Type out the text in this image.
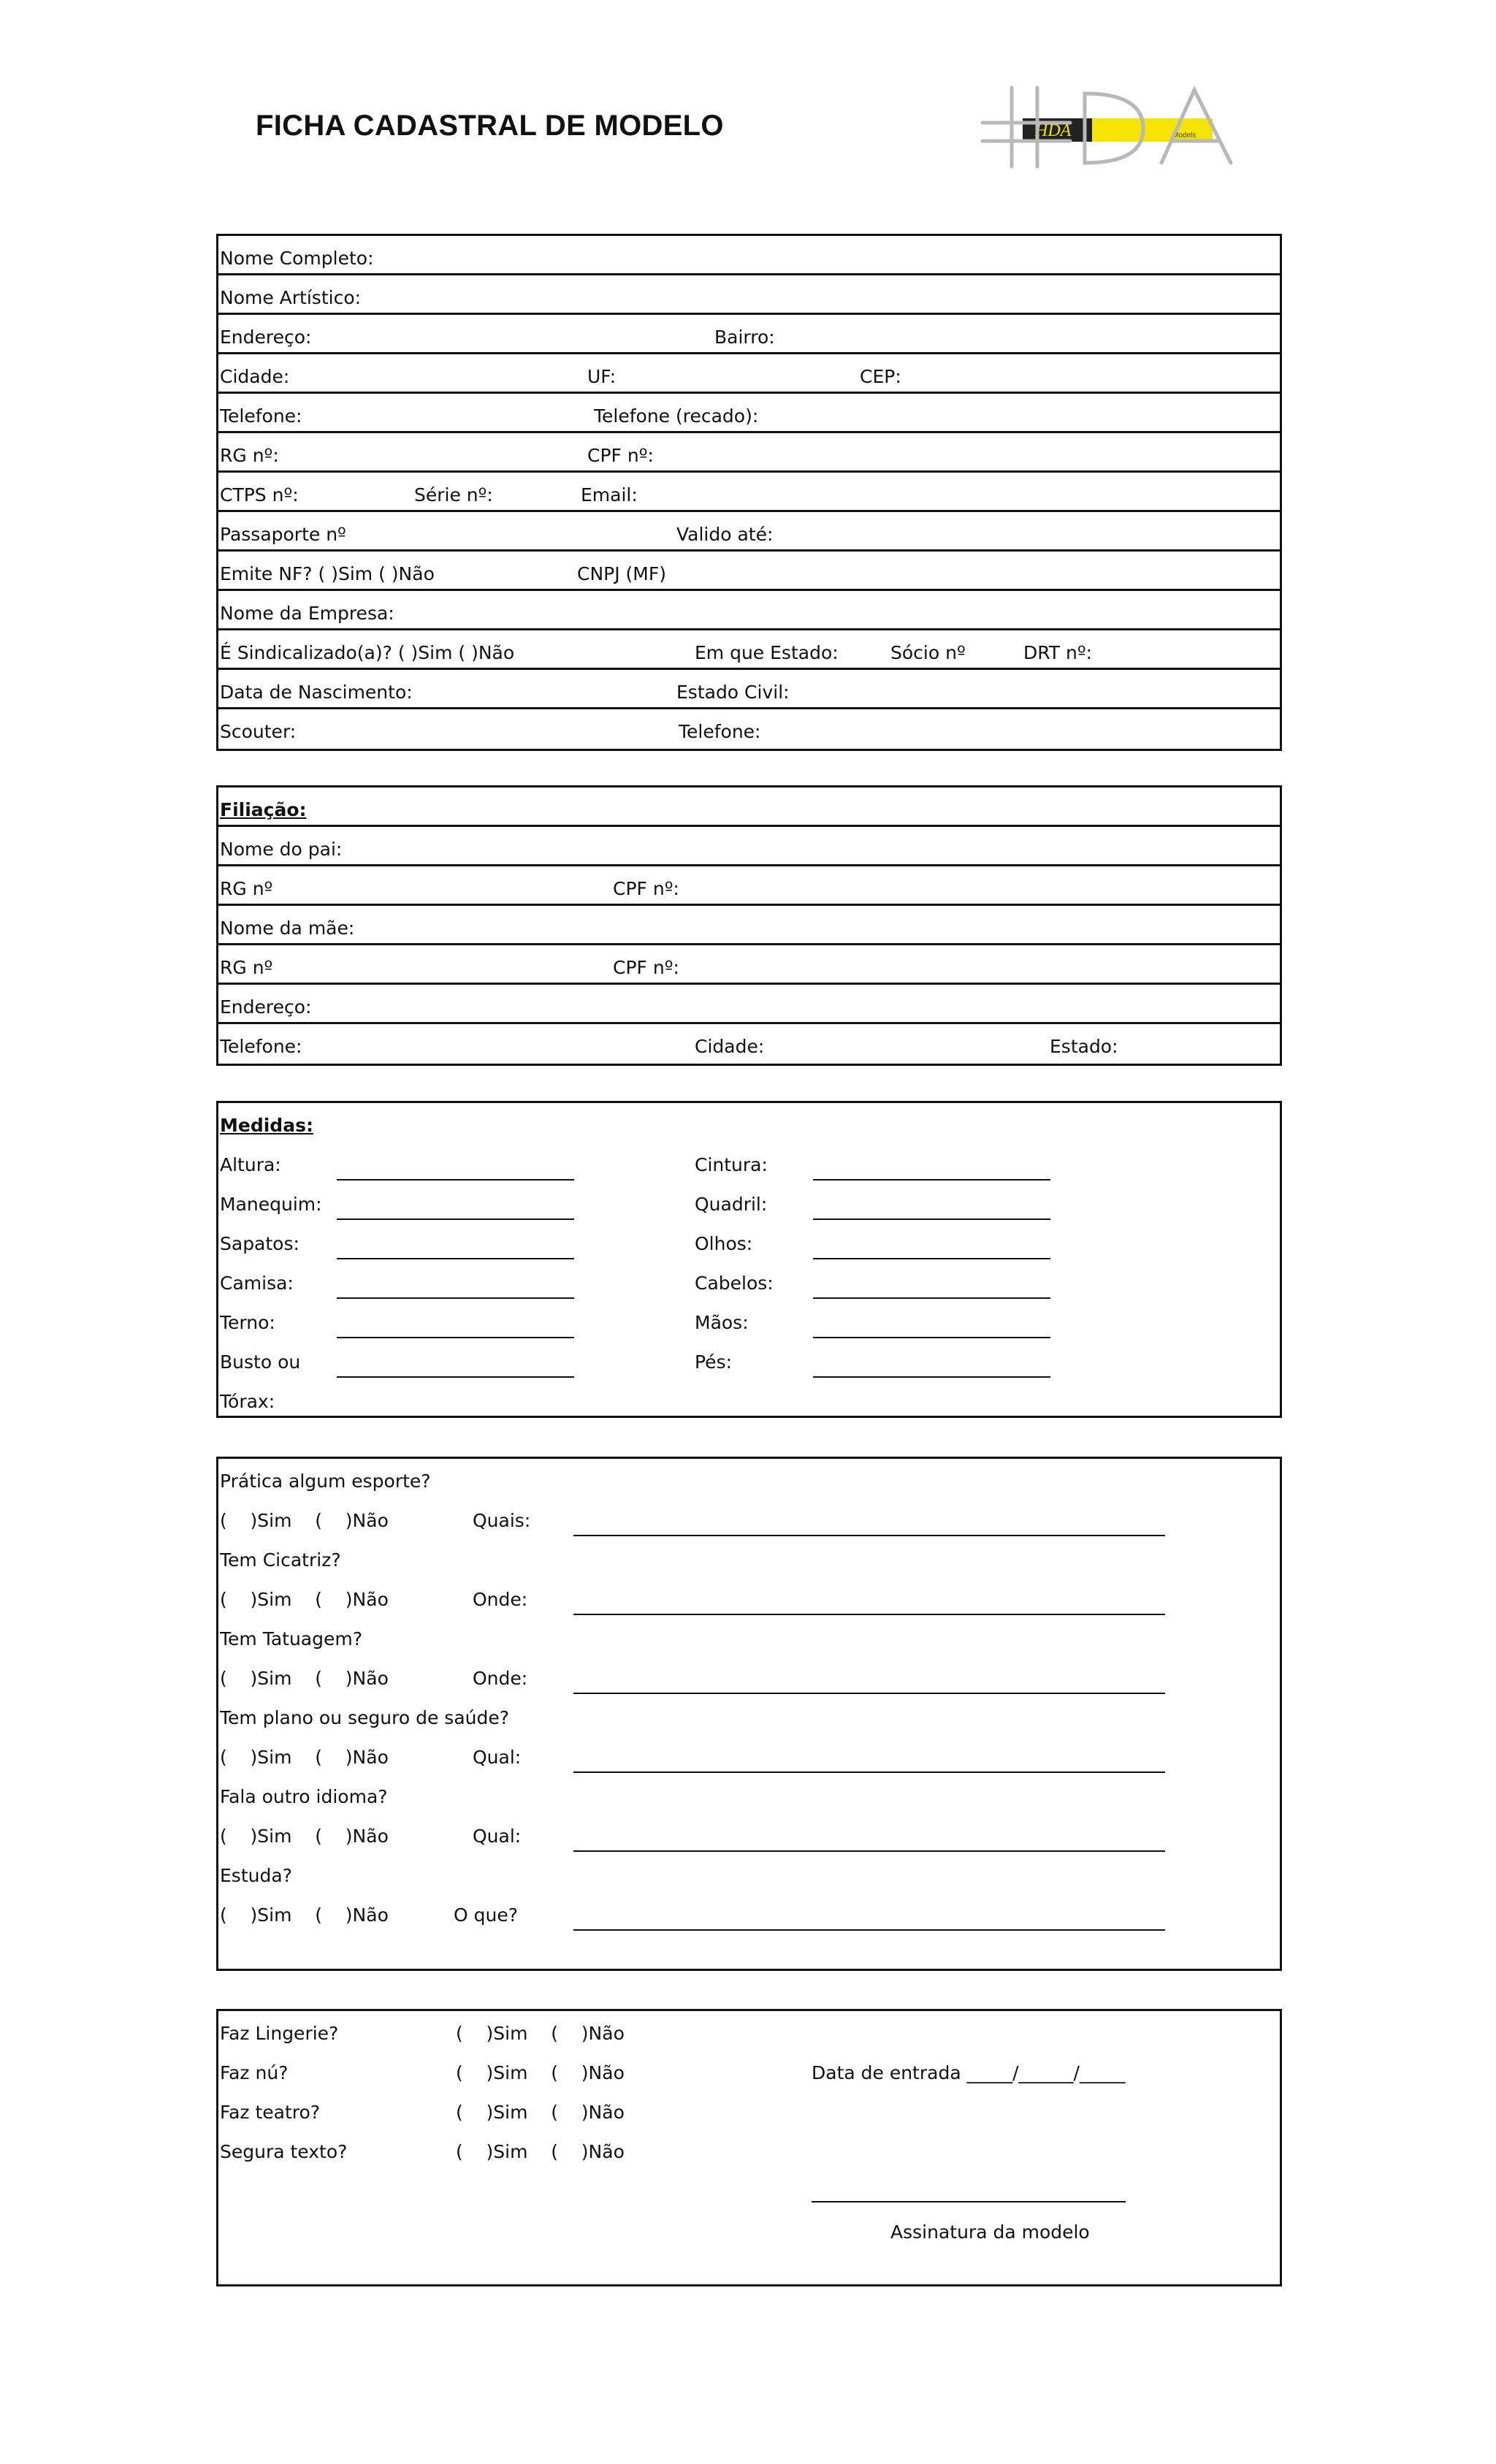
FICHA CADASTRAL DE MODELO	HDA	Models
Nome Completo:
Nome Artístico:
Endereço:	Bairro:
Cidade:	UF:	CEP:
Telefone:	Telefone (recado):
RG nº:	CPF nº:
CTPS nº:	Série nº:	Email:
Passaporte nº	Valido até:
Emite NF? ( )Sim ( )Não	CNPJ (MF)
Nome da Empresa:
É Sindicalizado(a)? ( )Sim ( )Não	Em que Estado:	Sócio nº	DRT nº:
Data de Nascimento:	Estado Civil:
Scouter:	Telefone:
Filiação:
Nome do pai:
RG nº	CPF nº:
Nome da mãe:
RG nº	CPF nº:
Endereço:
Telefone:	Cidade:	Estado:
Medidas:
Altura:	Cintura:
Manequim:	Quadril:
Sapatos:	Olhos:
Camisa:	Cabelos:
Terno:	Mãos:
Busto ou	Pés:
Tórax:
Prática algum esporte?
(    )Sim    (    )Não	Quais:
Tem Cicatriz?
(    )Sim    (    )Não	Onde:
Tem Tatuagem?
(    )Sim    (    )Não	Onde:
Tem plano ou seguro de saúde?
(    )Sim    (    )Não	Qual:
Fala outro idioma?
(    )Sim    (    )Não	Qual:
Estuda?
(    )Sim    (    )Não	O que?
Faz Lingerie?	(    )Sim    (    )Não
Faz nú?	(    )Sim    (    )Não	Data de entrada _____/______/_____
Faz teatro?	(    )Sim    (    )Não
Segura texto?	(    )Sim    (    )Não
Assinatura da modelo
